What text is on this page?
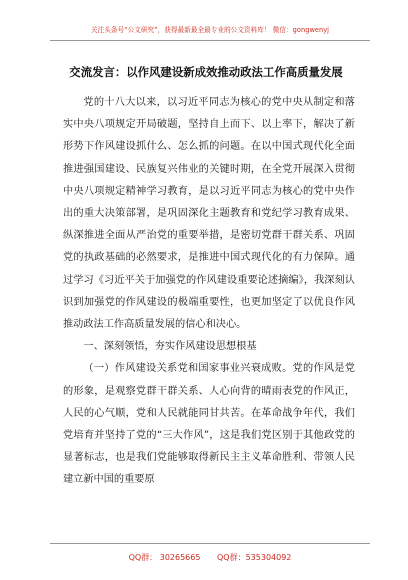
关注头条号“公文研究”，获得最新最全最专业的公文资料库！ 微信：gongwenyj
交流发言：以作风建设新成效推动政法工作高质量发展

党的十八大以来，以习近平同志为核心的党中央从制定和落实中央八项规定开局破题，坚持自上而下、以上率下，解决了新形势下作风建设抓什么、怎么抓的问题。在以中国式现代化全面推进强国建设、民族复兴伟业的关键时期，在全党开展深入贯彻中央八项规定精神学习教育，是以习近平同志为核心的党中央作出的重大决策部署，是巩固深化主题教育和党纪学习教育成果、纵深推进全面从严治党的重要举措，是密切党群干群关系、巩固党的执政基础的必然要求，是推进中国式现代化的有力保障。通过学习《习近平关于加强党的作风建设重要论述摘编》，我深刻认识到加强党的作风建设的极端重要性，也更加坚定了以优良作风推动政法工作高质量发展的信心和决心。

一、深刻领悟，夯实作风建设思想根基

（一）作风建设关系党和国家事业兴衰成败。党的作风是党的形象，是观察党群干群关系、人心向背的晴雨表党的作风正，人民的心气顺，党和人民就能同甘共苦。在革命战争年代，我们党培育并坚持了党的“三大作风”，这是我们党区别于其他政党的显著标志，也是我们党能够取得新民主主义革命胜利、带领人民建立新中国的重要原

QQ群： 30265665 QQ群：535304092
